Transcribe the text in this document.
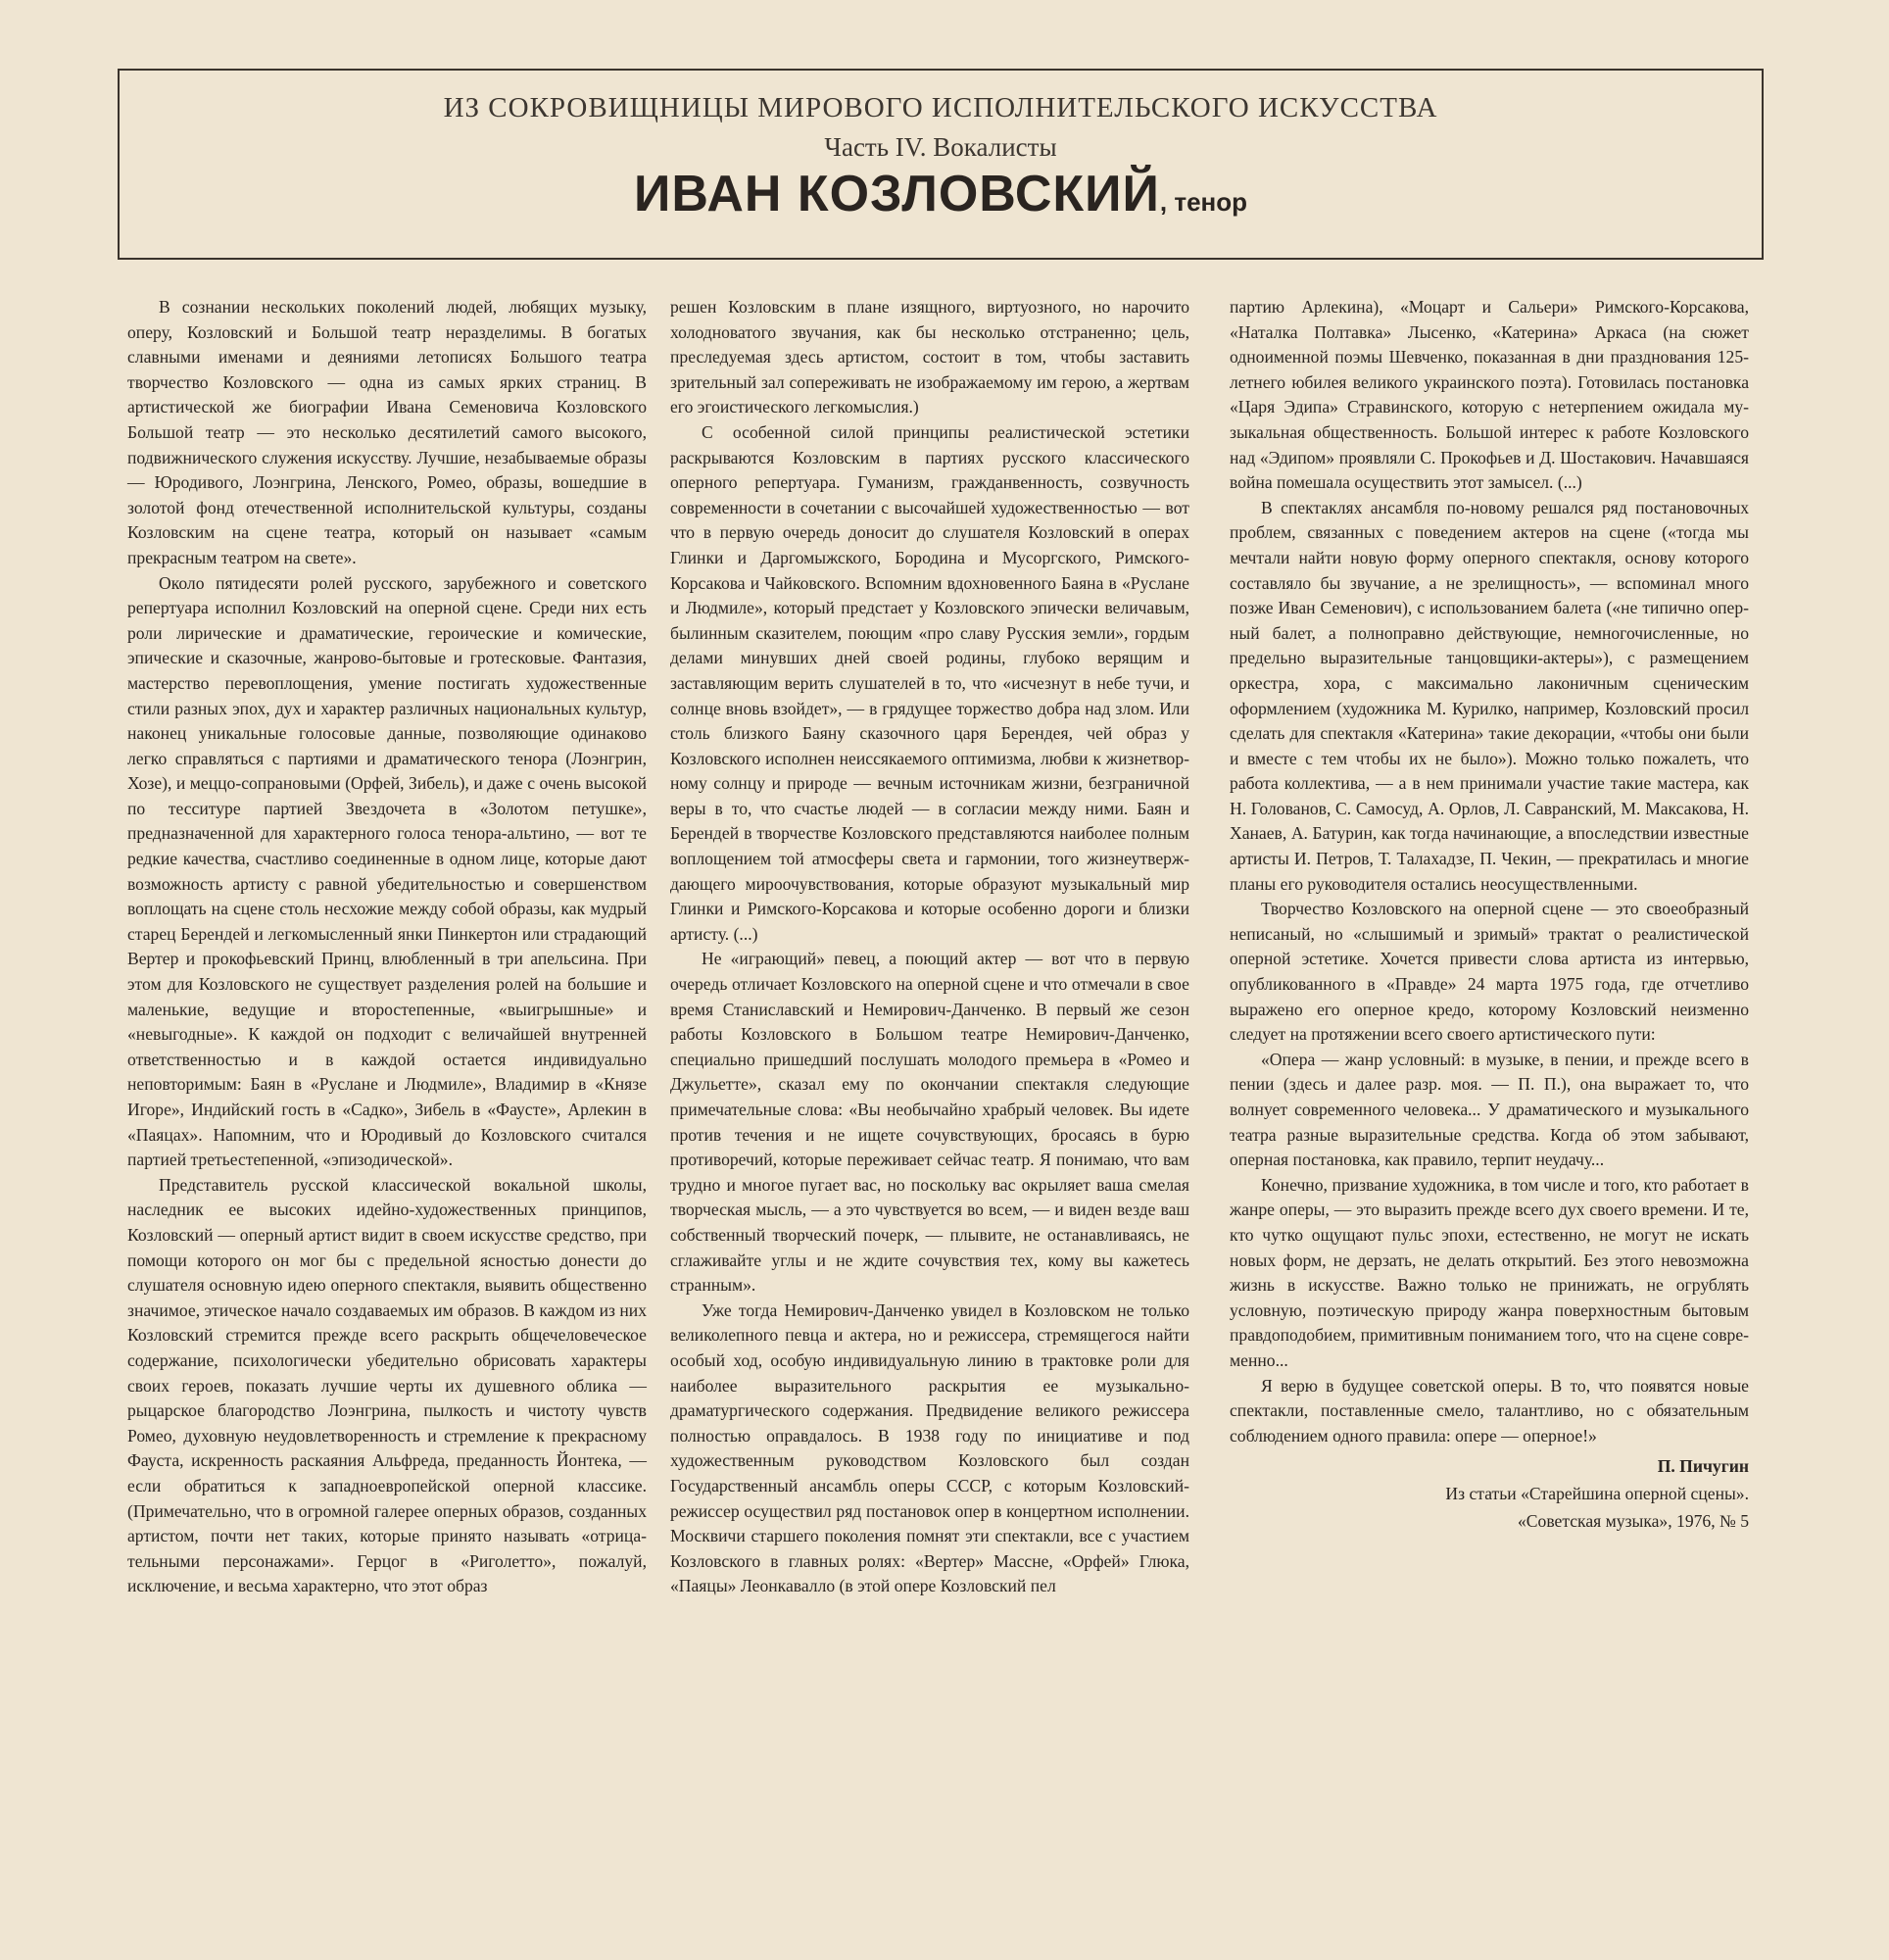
ИЗ СОКРОВИЩНИЦЫ МИРОВОГО ИСПОЛНИТЕЛЬСКОГО ИСКУССТВА
Часть IV. Вокалисты
ИВАН КОЗЛОВСКИЙ, тенор

В сознании нескольких поколений людей, любящих музыку, оперу, Козловский и Большой театр неразделимы. В богатых славными именами и деяниями летописях Большого театра творчество Козловского — одна из самых ярких страниц. В артистической же биографии Ивана Семеновича Козловского Большой театр — это несколько десятилетий самого высокого, подвижнического служения искусству. Лучшие, незабываемые образы — Юродивого, Лоэнгрина, Ленского, Ромео, образы, вошедшие в золотой фонд отечественной исполнительской культуры, созданы Козловским на сцене театра, который он называет «самым прекрасным театром на свете».

Около пятидесяти ролей русского, зарубежного и советского репертуара исполнил Козловский на оперной сцене. Среди них есть роли лирические и драматические, героические и комические, эпические и сказочные, жанрово-бытовые и гротесковые. Фантазия, мастерство перевоплощения, умение постигать художественные стили разных эпох, дух и характер различных национальных культур, наконец уникальные голосовые данные, позволяющие одинаково легко справляться с партиями и драматического тенора (Лоэнгрин, Хозе), и меццо-сопрановыми (Орфей, Зибель), и даже с очень высокой по тесситуре партией Звездочета в «Золотом петушке», предназначенной для характерного голоса тенора-альтино, — вот те редкие качества, счастливо соединенные в одном лице, которые дают возможность артисту с равной убедительностью и совершенством воплощать на сцене столь несхожие между собой образы, как мудрый старец Берендей и легкомысленный янки Пинкертон или страдающий Вертер и прокофьевский Принц, влюбленный в три апельсина. При этом для Козловского не существует разделения ролей на большие и маленькие, ведущие и второстепенные, «выигрышные» и «невыгодные». К каждой он подходит с величайшей внутренней ответственностью и в каждой остается индивидуально неповторимым: Баян в «Руслане и Людмиле», Владимир в «Князе Игоре», Индийский гость в «Садко», Зибель в «Фаусте», Арлекин в «Паяцах». Напомним, что и Юродивый до Козловского считался партией третьестепенной, «эпизодической».

Представитель русской классической вокальной школы, наследник ее высоких идейно-художественных принципов, Козловский — оперный артист видит в своем искусстве средство, при помощи которого он мог бы с предельной ясностью донести до слушателя основную идею оперного спектакля, выявить общественно значимое, этическое начало создаваемых им образов. В каждом из них Козловский стремится прежде всего раскрыть общечеловеческое содержание, психологически убедительно обрисовать характеры своих героев, показать лучшие черты их душевного облика — рыцарское благородство Лоэнгрина, пылкость и чистоту чувств Ромео, духовную неудовлетворенность и стремление к прекрасному Фауста, искренность раскаяния Альфреда, преданность Йонтека, — если обратиться к западноевропейской оперной классике. (Примечательно, что в огромной галерее оперных образов, созданных артистом, почти нет таких, которые принято называть «отрицательными персонажами». Герцог в «Риголетто», пожалуй, исключение, и весьма характерно, что этот образ

решен Козловским в плане изящного, виртуозного, но нарочито холодноватого звучания, как бы несколько отстраненно; цель, преследуемая здесь артистом, состоит в том, чтобы заставить зрительный зал сопереживать не изображаемому им герою, а жертвам его эгоистического легкомыслия.)

С особенной силой принципы реалистической эстетики раскрываются Козловским в партиях русского классического оперного репертуара. Гуманизм, гражданвенность, созвучность современности в сочетании с высочайшей художественностью — вот что в первую очередь доносит до слушателя Козловский в операх Глинки и Даргомыжского, Бородина и Мусоргского, Римского-Корсакова и Чайковского. Вспомним вдохновенного Баяна в «Руслане и Людмиле», который предстает у Козловского эпически величавым, былинным сказителем, поющим «про славу Русския земли», гордым делами минувших дней своей родины, глубоко верящим и заставляющим верить слушателей в то, что «исчезнут в небе тучи, и солнце вновь взойдет», — в грядущее торжество добра над злом. Или столь близкого Баяну сказочного царя Берендея, чей образ у Козловского исполнен неиссякаемого оптимизма, любви к жизнетворному солнцу и природе — вечным источникам жизни, безграничной веры в то, что счастье людей — в согласии между ними. Баян и Берендей в творчестве Козловского представляются наиболее полным воплощением той атмосферы света и гармонии, того жизнеутверждающего мироочувствования, которые образуют музыкальный мир Глинки и Римского-Корсакова и которые особенно дороги и близки артисту. (...)

Не «играющий» певец, а поющий актер — вот что в первую очередь отличает Козловского на оперной сцене и что отмечали в свое время Станиславский и Немирович-Данченко. В первый же сезон работы Козловского в Большом театре Немирович-Данченко, специально пришедший послушать молодого премьера в «Ромео и Джульетте», сказал ему по окончании спектакля следующие примечательные слова: «Вы необычайно храбрый человек. Вы идете против течения и не ищете сочувствующих, бросаясь в бурю противоречий, которые переживает сейчас театр. Я понимаю, что вам трудно и многое пугает вас, но поскольку вас окрыляет ваша смелая творческая мысль, — а это чувствуется во всем, — и виден везде ваш собственный творческий почерк, — плывите, не останавливаясь, не сглаживайте углы и не ждите сочувствия тех, кому вы кажетесь странным».

Уже тогда Немирович-Данченко увидел в Козловском не только великолепного певца и актера, но и режиссера, стремящегося найти особый ход, особую индивидуальную линию в трактовке роли для наиболее выразительного раскрытия ее музыкально-драматургического содержания. Предвидение великого режиссера полностью оправдалось. В 1938 году по инициативе и под художественным руководством Козловского был создан Государственный ансамбль оперы СССР, с которым Козловский-режиссер осуществил ряд постановок опер в концертном исполнении. Москвичи старшего поколения помнят эти спектакли, все с участием Козловского в главных ролях: «Вертер» Массне, «Орфей» Глюка, «Паяцы» Леонкавалло (в этой опере Козловский пел

партию Арлекина), «Моцарт и Сальери» Римского-Корсакова, «Наталка Полтавка» Лысенко, «Катерина» Аркаса (на сюжет одноименной поэмы Шевченко, показанная в дни празднования 125-летнего юбилея великого украинского поэта). Готовилась постановка «Царя Эдипа» Стравинского, которую с нетерпением ожидала музыкальная общественность. Большой интерес к работе Козловского над «Эдипом» проявляли С. Прокофьев и Д. Шостакович. Начавшаяся война помешала осуществить этот замысел. (...)

В спектаклях ансамбля по-новому решался ряд постановочных проблем, связанных с поведением актеров на сцене («тогда мы мечтали найти новую форму оперного спектакля, основу которого составляло бы звучание, а не зрелищность», — вспоминал много позже Иван Семенович), с использованием балета («не типично оперный балет, а полноправно действующие, немногочисленные, но предельно выразительные танцовщики-актеры»), с размещением оркестра, хора, с максимально лаконичным сценическим оформлением (художника М. Курилко, например, Козловский просил сделать для спектакля «Катерина» такие декорации, «чтобы они были и вместе с тем чтобы их не было»). Можно только пожалеть, что работа коллектива, — а в нем принимали участие такие мастера, как Н. Голованов, С. Самосуд, А. Орлов, Л. Савранский, М. Максакова, Н. Ханаев, А. Батурин, как тогда начинающие, а впоследствии известные артисты И. Петров, Т. Талахадзе, П. Чекин, — прекратилась и многие планы его руководителя остались неосуществленными.

Творчество Козловского на оперной сцене — это своеобразный неписаный, но «слышимый и зримый» трактат о реалистической оперной эстетике. Хочется привести слова артиста из интервью, опубликованного в «Правде» 24 марта 1975 года, где отчетливо выражено его оперное кредо, которому Козловский неизменно следует на протяжении всего своего артистического пути:

«Опера — жанр условный: в музыке, в пении, и прежде всего в пении (здесь и далее разр. моя. — П. П.), она выражает то, что волнует современного человека... У драматического и музыкального театра разные выразительные средства. Когда об этом забывают, оперная постановка, как правило, терпит неудачу...

Конечно, призвание художника, в том числе и того, кто работает в жанре оперы, — это выразить прежде всего дух своего времени. И те, кто чутко ощущают пульс эпохи, естественно, не могут не искать новых форм, не дерзать, не делать открытий. Без этого невозможна жизнь в искусстве. Важно только не принижать, не огрублять условную, поэтическую природу жанра поверхностным бытовым правдоподобием, примитивным пониманием того, что на сцене современно...

Я верю в будущее советской оперы. В то, что появятся новые спектакли, поставленные смело, талантливо, но с обязательным соблюдением одного правила: опере — оперное!»

П. Пичугин
Из статьи «Старейшина оперной сцены».
«Советская музыка», 1976, № 5
